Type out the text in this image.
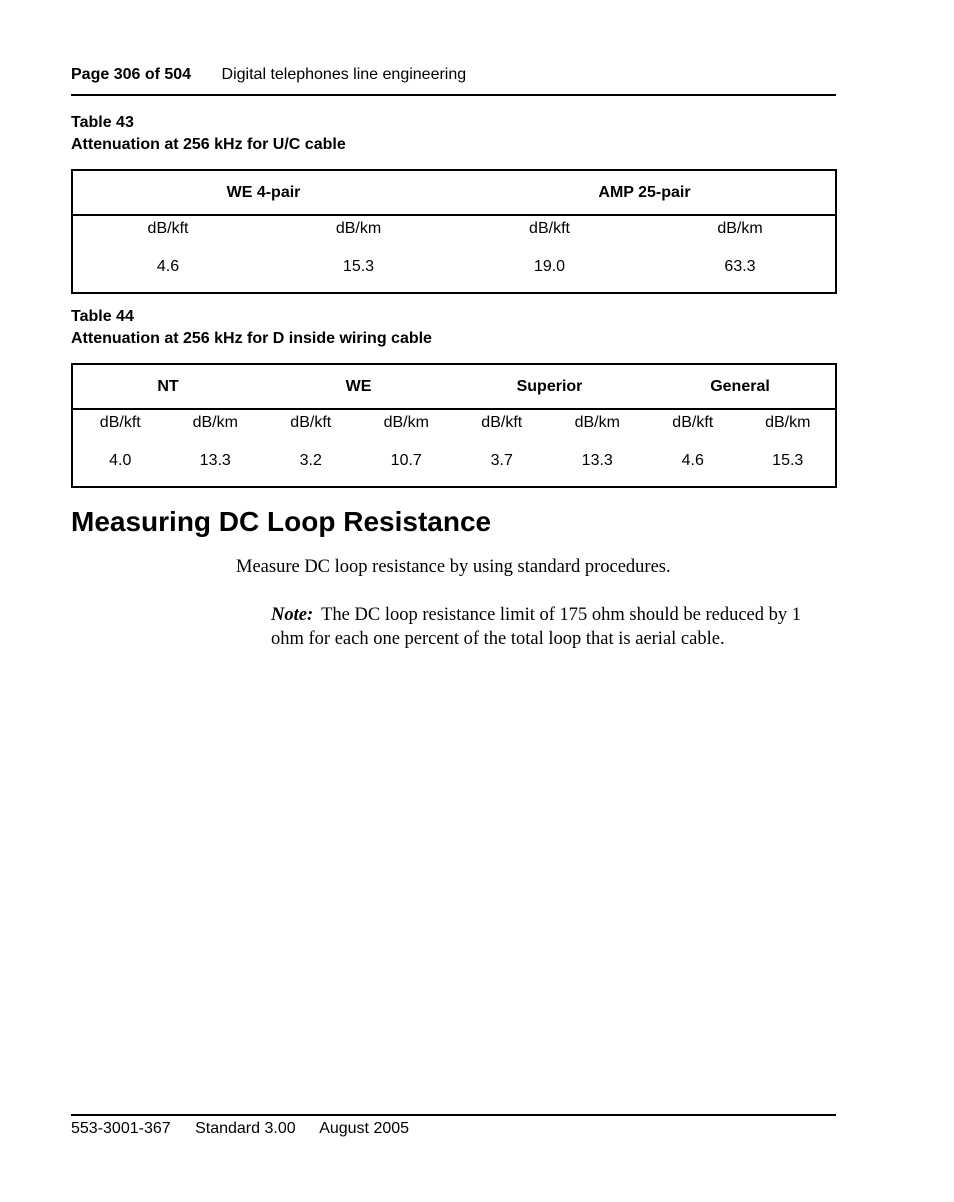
Page 306 of 504 Digital telephones line engineering
Table 43
Attenuation at 256 kHz for U/C cable
WE 4-pair		AMP 25-pair	
dB/kft	dB/km	dB/kft	dB/km
4.6	15.3	19.0	63.3
Table 44
Attenuation at 256 kHz for D inside wiring cable
NT		WE		Superior		General	
dB/kft	dB/km	dB/kft	dB/km	dB/kft	dB/km	dB/kft	dB/km
4.0	13.3	3.2	10.7	3.7	13.3	4.6	15.3
Measuring DC Loop Resistance
Measure DC loop resistance by using standard procedures.
Note: The DC loop resistance limit of 175 ohm should be reduced by 1 ohm for each one percent of the total loop that is aerial cable.
553-3001-367 Standard 3.00 August 2005
